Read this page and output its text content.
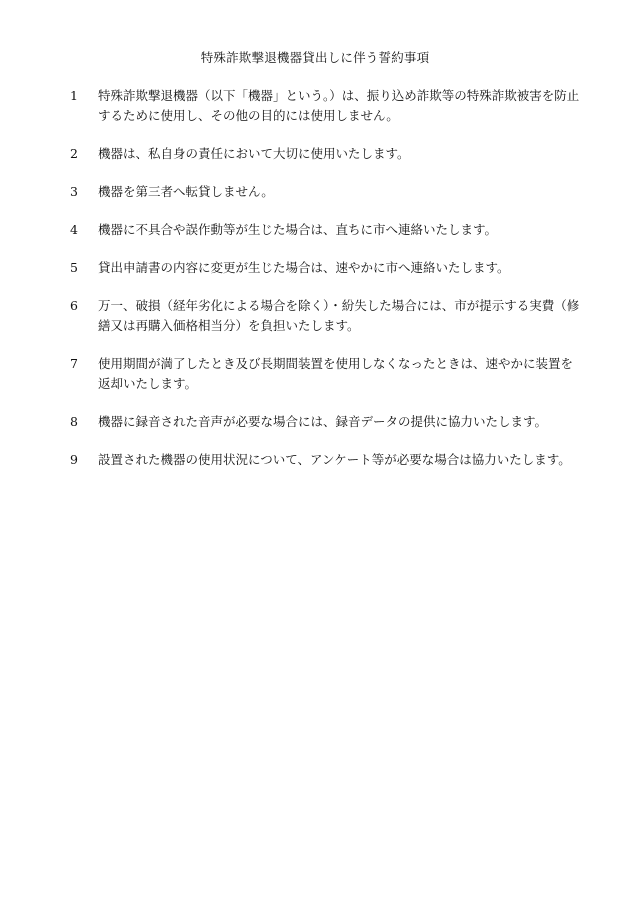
特殊詐欺撃退機器貸出しに伴う誓約事項
1	特殊詐欺撃退機器（以下「機器」という。）は、振り込め詐欺等の特殊詐欺被害を防止するために使用し、その他の目的には使用しません。
2	機器は、私自身の責任において大切に使用いたします。
3	機器を第三者へ転貸しません。
4	機器に不具合や誤作動等が生じた場合は、直ちに市へ連絡いたします。
5	貸出申請書の内容に変更が生じた場合は、速やかに市へ連絡いたします。
6	万一、破損（経年劣化による場合を除く）・紛失した場合には、市が提示する実費（修繕又は再購入価格相当分）を負担いたします。
7	使用期間が満了したとき及び長期間装置を使用しなくなったときは、速やかに装置を返却いたします。
8	機器に録音された音声が必要な場合には、録音データの提供に協力いたします。
9	設置された機器の使用状況について、アンケート等が必要な場合は協力いたします。
